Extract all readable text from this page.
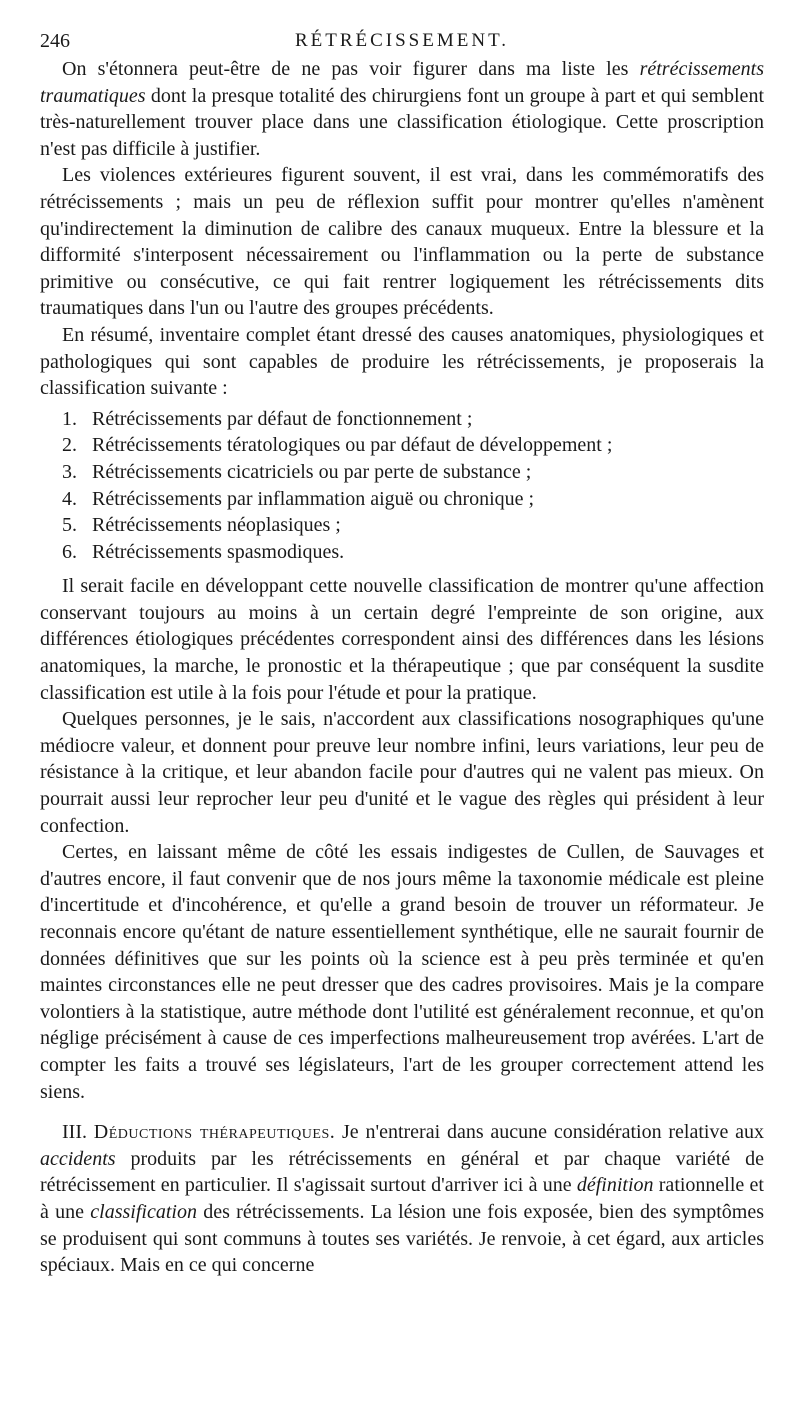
246	RÉTRÉCISSEMENT.

On s'étonnera peut-être de ne pas voir figurer dans ma liste les rétrécissements traumatiques dont la presque totalité des chirurgiens font un groupe à part et qui semblent très-naturellement trouver place dans une classification étiologique. Cette proscription n'est pas difficile à justifier.

Les violences extérieures figurent souvent, il est vrai, dans les commémoratifs des rétrécissements ; mais un peu de réflexion suffit pour montrer qu'elles n'amènent qu'indirectement la diminution de calibre des canaux muqueux. Entre la blessure et la difformité s'interposent nécessairement ou l'inflammation ou la perte de substance primitive ou consécutive, ce qui fait rentrer logiquement les rétrécissements dits traumatiques dans l'un ou l'autre des groupes précédents.

En résumé, inventaire complet étant dressé des causes anatomiques, physiologiques et pathologiques qui sont capables de produire les rétrécissements, je proposerais la classification suivante :

1. Rétrécissements par défaut de fonctionnement ;
2. Rétrécissements tératologiques ou par défaut de développement ;
3. Rétrécissements cicatriciels ou par perte de substance ;
4. Rétrécissements par inflammation aiguë ou chronique ;
5. Rétrécissements néoplasiques ;
6. Rétrécissements spasmodiques.

Il serait facile en développant cette nouvelle classification de montrer qu'une affection conservant toujours au moins à un certain degré l'empreinte de son origine, aux différences étiologiques précédentes correspondent ainsi des différences dans les lésions anatomiques, la marche, le pronostic et la thérapeutique ; que par conséquent la susdite classification est utile à la fois pour l'étude et pour la pratique.

Quelques personnes, je le sais, n'accordent aux classifications nosographiques qu'une médiocre valeur, et donnent pour preuve leur nombre infini, leurs variations, leur peu de résistance à la critique, et leur abandon facile pour d'autres qui ne valent pas mieux. On pourrait aussi leur reprocher leur peu d'unité et le vague des règles qui président à leur confection.

Certes, en laissant même de côté les essais indigestes de Cullen, de Sauvages et d'autres encore, il faut convenir que de nos jours même la taxonomie médicale est pleine d'incertitude et d'incohérence, et qu'elle a grand besoin de trouver un réformateur. Je reconnais encore qu'étant de nature essentiellement synthétique, elle ne saurait fournir de données définitives que sur les points où la science est à peu près terminée et qu'en maintes circonstances elle ne peut dresser que des cadres provisoires. Mais je la compare volontiers à la statistique, autre méthode dont l'utilité est généralement reconnue, et qu'on néglige précisément à cause de ces imperfections malheureusement trop avérées. L'art de compter les faits a trouvé ses législateurs, l'art de les grouper correctement attend les siens.

III. Déductions thérapeutiques. Je n'entrerai dans aucune considération relative aux accidents produits par les rétrécissements en général et par chaque variété de rétrécissement en particulier. Il s'agissait surtout d'arriver ici à une définition rationnelle et à une classification des rétrécissements. La lésion une fois exposée, bien des symptômes se produisent qui sont communs à toutes ses variétés. Je renvoie, à cet égard, aux articles spéciaux. Mais en ce qui concerne
